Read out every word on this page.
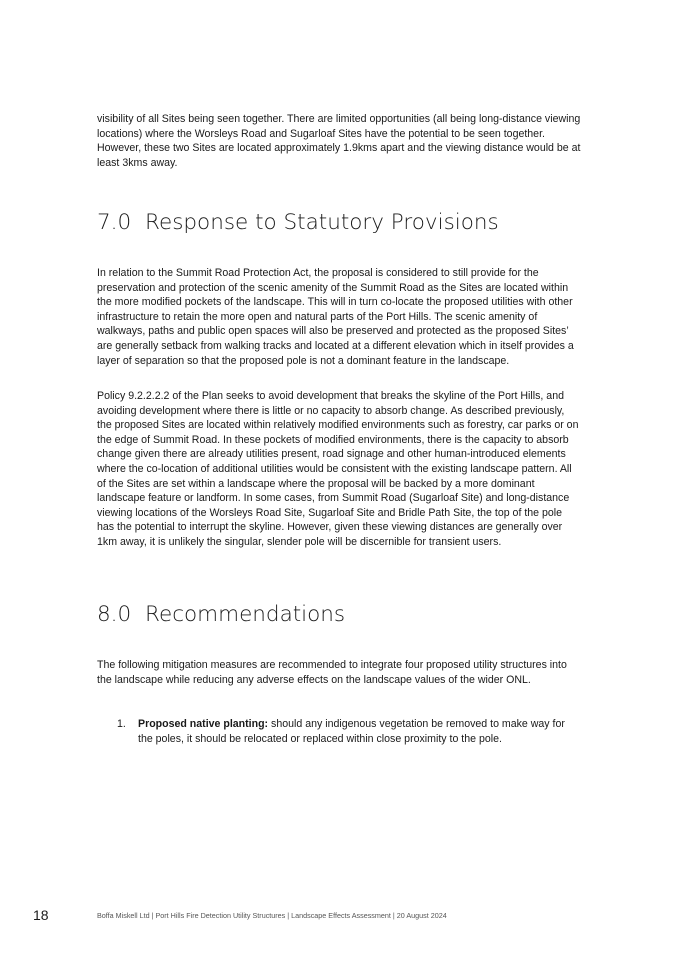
visibility of all Sites being seen together. There are limited opportunities (all being long-distance viewing locations) where the Worsleys Road and Sugarloaf Sites have the potential to be seen together. However, these two Sites are located approximately 1.9kms apart and the viewing distance would be at least 3kms away.

7.0 Response to Statutory Provisions

In relation to the Summit Road Protection Act, the proposal is considered to still provide for the preservation and protection of the scenic amenity of the Summit Road as the Sites are located within the more modified pockets of the landscape. This will in turn co-locate the proposed utilities with other infrastructure to retain the more open and natural parts of the Port Hills. The scenic amenity of walkways, paths and public open spaces will also be preserved and protected as the proposed Sites’ are generally setback from walking tracks and located at a different elevation which in itself provides a layer of separation so that the proposed pole is not a dominant feature in the landscape.

Policy 9.2.2.2.2 of the Plan seeks to avoid development that breaks the skyline of the Port Hills, and avoiding development where there is little or no capacity to absorb change. As described previously, the proposed Sites are located within relatively modified environments such as forestry, car parks or on the edge of Summit Road. In these pockets of modified environments, there is the capacity to absorb change given there are already utilities present, road signage and other human-introduced elements where the co-location of additional utilities would be consistent with the existing landscape pattern. All of the Sites are set within a landscape where the proposal will be backed by a more dominant landscape feature or landform. In some cases, from Summit Road (Sugarloaf Site) and long-distance viewing locations of the Worsleys Road Site, Sugarloaf Site and Bridle Path Site, the top of the pole has the potential to interrupt the skyline. However, given these viewing distances are generally over 1km away, it is unlikely the singular, slender pole will be discernible for transient users.

8.0 Recommendations

The following mitigation measures are recommended to integrate four proposed utility structures into the landscape while reducing any adverse effects on the landscape values of the wider ONL.

1. Proposed native planting: should any indigenous vegetation be removed to make way for the poles, it should be relocated or replaced within close proximity to the pole.
18	Boffa Miskell Ltd | Port Hills Fire Detection Utility Structures | Landscape Effects Assessment | 20 August 2024
